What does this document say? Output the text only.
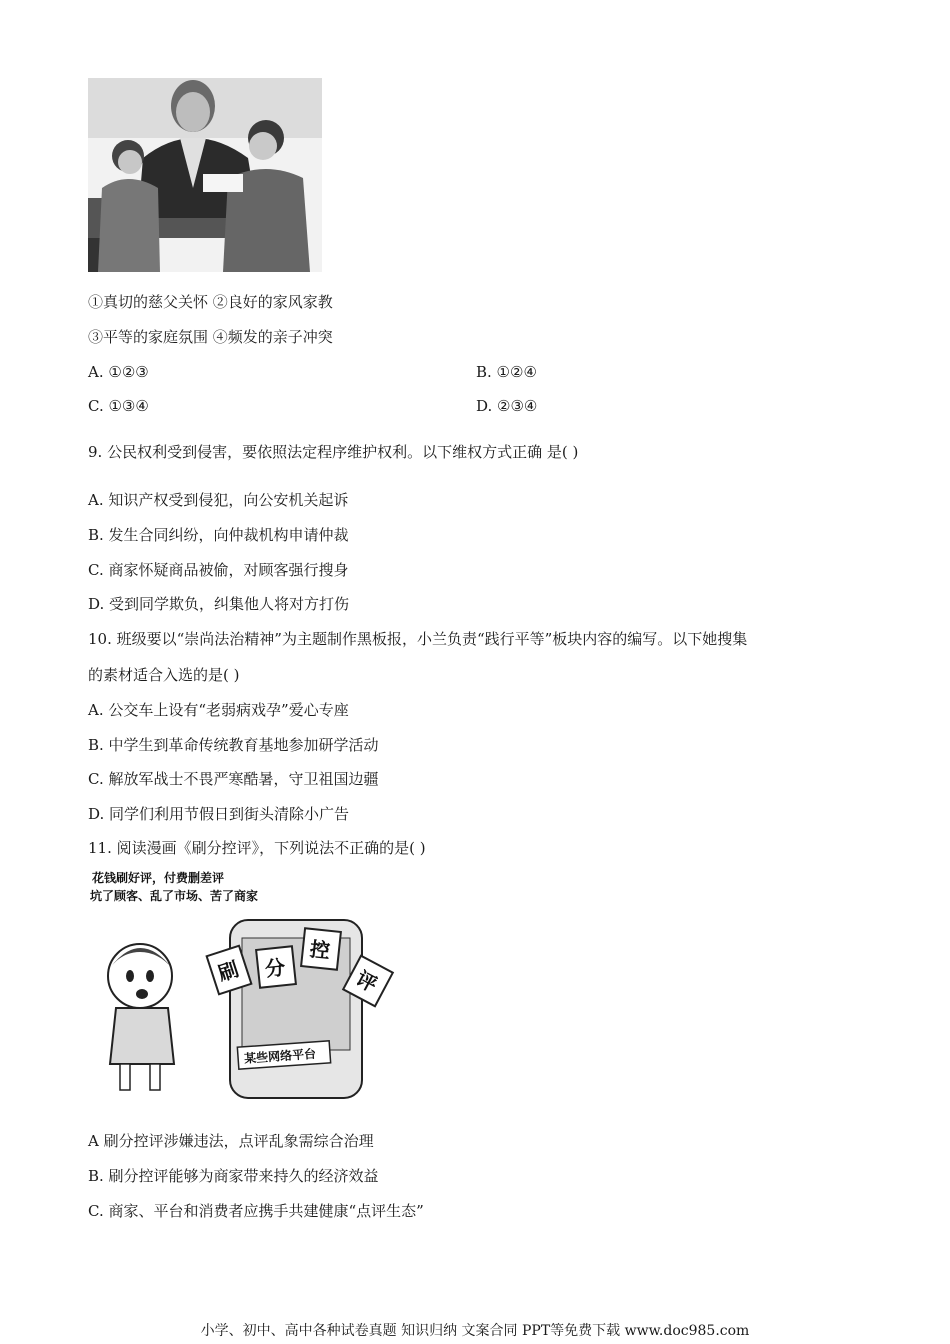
①真切的慈父关怀 ②良好的家风家教
③平等的家庭氛围 ④频发的亲子冲突
A. ①②③	B. ①②④
C. ①③④	D. ②③④
9. 公民权利受到侵害，要依照法定程序维护权利。以下维权方式正确 是( )
A. 知识产权受到侵犯，向公安机关起诉
B. 发生合同纠纷，向仲裁机构申请仲裁
C. 商家怀疑商品被偷，对顾客强行搜身
D. 受到同学欺负，纠集他人将对方打伤
10. 班级要以“崇尚法治精神”为主题制作黑板报，小兰负责“践行平等”板块内容的编写。以下她搜集
的素材适合入选的是( )
A. 公交车上设有“老弱病戏孕”爱心专座
B. 中学生到革命传统教育基地参加研学活动
C. 解放军战士不畏严寒酷暑，守卫祖国边疆
D. 同学们利用节假日到街头清除小广告
11. 阅读漫画《刷分控评》，下列说法不正确的是( )
花钱刷好评，付费删差评
坑了顾客、乱了市场、苦了商家
某些网络平台
刷 分
控
评
A 刷分控评涉嫌违法，点评乱象需综合治理
B. 刷分控评能够为商家带来持久的经济效益
C. 商家、平台和消费者应携手共建健康“点评生态”
小学、初中、高中各种试卷真题 知识归纳 文案合同 PPT等免费下载 www.doc985.com
